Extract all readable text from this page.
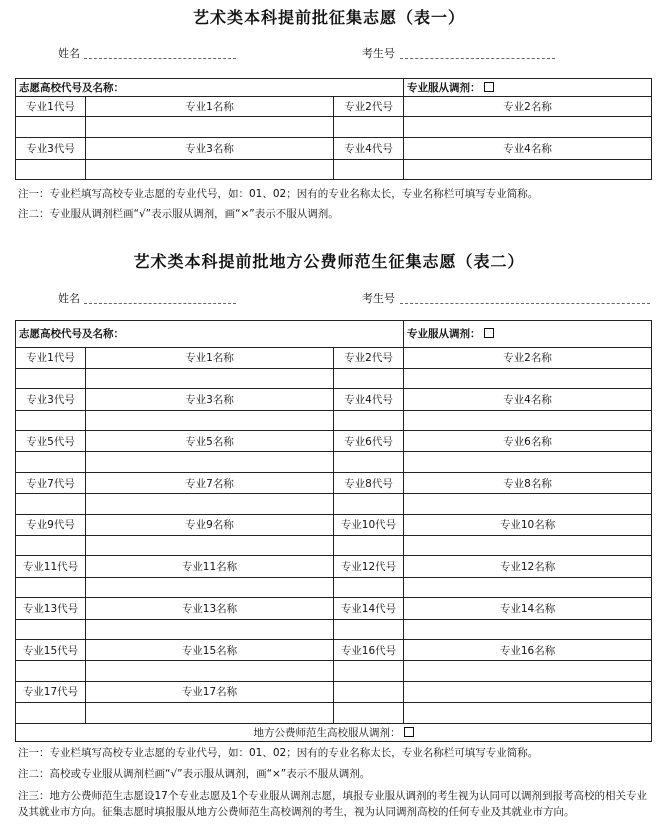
艺术类本科提前批征集志愿（表一）
姓名	考生号
志愿高校代号及名称：			专业服从调剂：
专业1代号	专业1名称	专业2代号	专业2名称

专业3代号	专业3名称	专业4代号	专业4名称

注一：专业栏填写高校专业志愿的专业代号，如：01、02；因有的专业名称太长，专业名称栏可填写专业简称。
注二：专业服从调剂栏画“√”表示服从调剂，画“×”表示不服从调剂。
艺术类本科提前批地方公费师范生征集志愿（表二）
姓名	考生号
志愿高校代号及名称：			专业服从调剂：
专业1代号	专业1名称	专业2代号	专业2名称

专业3代号	专业3名称	专业4代号	专业4名称

专业5代号	专业5名称	专业6代号	专业6名称

专业7代号	专业7名称	专业8代号	专业8名称

专业9代号	专业9名称	专业10代号	专业10名称

专业11代号	专业11名称	专业12代号	专业12名称

专业13代号	专业13名称	专业14代号	专业14名称

专业15代号	专业15名称	专业16代号	专业16名称

专业17代号	专业17名称		

地方公费师范生高校服从调剂：			
注一：专业栏填写高校专业志愿的专业代号，如：01、02；因有的专业名称太长，专业名称栏可填写专业简称。
注二：高校或专业服从调剂栏画“√”表示服从调剂，画“×”表示不服从调剂。
注三：地方公费师范生志愿设17个专业志愿及1个专业服从调剂志愿，填报专业服从调剂的考生视为认同可以调剂到报考高校的相关专业及其就业市方向。征集志愿时填报服从地方公费师范生高校调剂的考生，视为认同调剂高校的任何专业及其就业市方向。
